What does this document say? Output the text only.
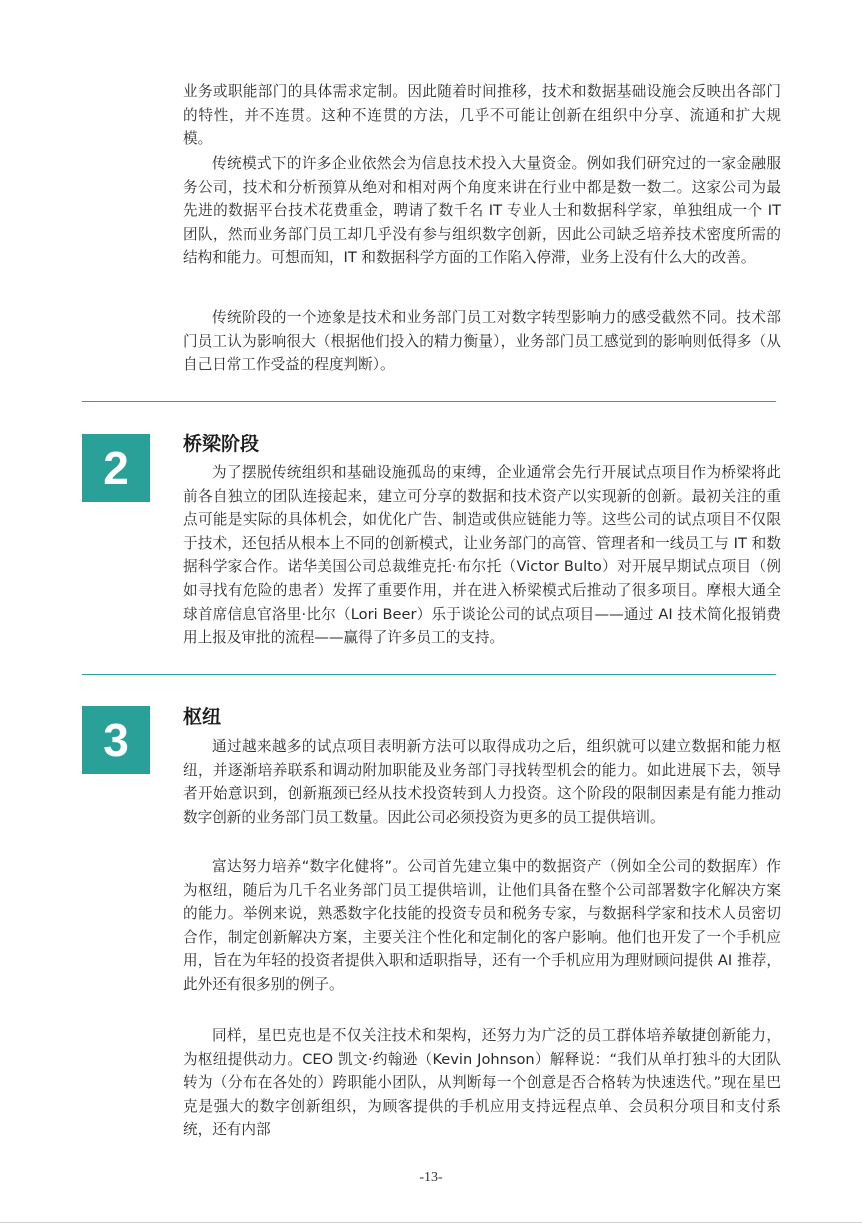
业务或职能部门的具体需求定制。因此随着时间推移，技术和数据基础设施会反映出各部门的特性，并不连贯。这种不连贯的方法，几乎不可能让创新在组织中分享、流通和扩大规模。

传统模式下的许多企业依然会为信息技术投入大量资金。例如我们研究过的一家金融服务公司，技术和分析预算从绝对和相对两个角度来讲在行业中都是数一数二。这家公司为最先进的数据平台技术花费重金，聘请了数千名 IT 专业人士和数据科学家，单独组成一个 IT 团队，然而业务部门员工却几乎没有参与组织数字创新，因此公司缺乏培养技术密度所需的结构和能力。可想而知，IT 和数据科学方面的工作陷入停滞，业务上没有什么大的改善。

传统阶段的一个迹象是技术和业务部门员工对数字转型影响力的感受截然不同。技术部门员工认为影响很大（根据他们投入的精力衡量），业务部门员工感觉到的影响则低得多（从自己日常工作受益的程度判断）。

2	桥梁阶段

为了摆脱传统组织和基础设施孤岛的束缚，企业通常会先行开展试点项目作为桥梁将此前各自独立的团队连接起来，建立可分享的数据和技术资产以实现新的创新。最初关注的重点可能是实际的具体机会，如优化广告、制造或供应链能力等。这些公司的试点项目不仅限于技术，还包括从根本上不同的创新模式，让业务部门的高管、管理者和一线员工与 IT 和数据科学家合作。诺华美国公司总裁维克托·布尔托（Victor Bulto）对开展早期试点项目（例如寻找有危险的患者）发挥了重要作用，并在进入桥梁模式后推动了很多项目。摩根大通全球首席信息官洛里·比尔（Lori Beer）乐于谈论公司的试点项目——通过 AI 技术简化报销费用上报及审批的流程——赢得了许多员工的支持。

3	枢纽

通过越来越多的试点项目表明新方法可以取得成功之后，组织就可以建立数据和能力枢纽，并逐渐培养联系和调动附加职能及业务部门寻找转型机会的能力。如此进展下去，领导者开始意识到，创新瓶颈已经从技术投资转到人力投资。这个阶段的限制因素是有能力推动数字创新的业务部门员工数量。因此公司必须投资为更多的员工提供培训。

富达努力培养“数字化健将”。公司首先建立集中的数据资产（例如全公司的数据库）作为枢纽，随后为几千名业务部门员工提供培训，让他们具备在整个公司部署数字化解决方案的能力。举例来说，熟悉数字化技能的投资专员和税务专家，与数据科学家和技术人员密切合作，制定创新解决方案，主要关注个性化和定制化的客户影响。他们也开发了一个手机应用，旨在为年轻的投资者提供入职和适职指导，还有一个手机应用为理财顾问提供 AI 推荐，此外还有很多别的例子。

同样，星巴克也是不仅关注技术和架构，还努力为广泛的员工群体培养敏捷创新能力，为枢纽提供动力。CEO 凯文·约翰逊（Kevin Johnson）解释说：“我们从单打独斗的大团队转为（分布在各处的）跨职能小团队，从判断每一个创意是否合格转为快速迭代。”现在星巴克是强大的数字创新组织，为顾客提供的手机应用支持远程点单、会员积分项目和支付系统，还有内部

-13-
